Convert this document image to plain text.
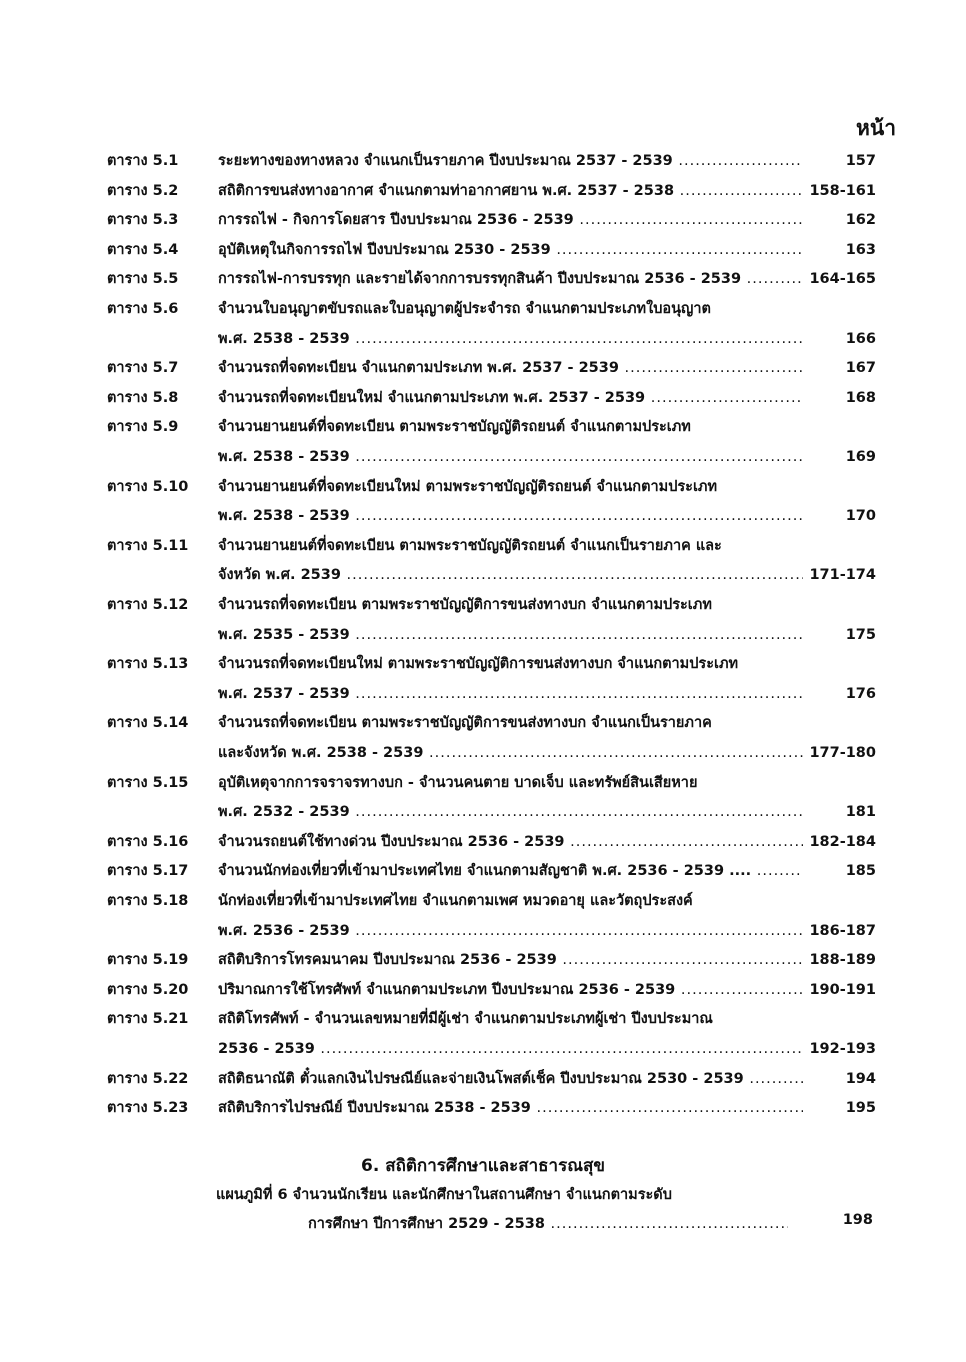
หน้า
ตาราง 5.1	ระยะทางของทางหลวง จำแนกเป็นรายภาค ปีงบประมาณ 2537 - 2539 .....	157
ตาราง 5.2	สถิติการขนส่งทางอากาศ จำแนกตามท่าอากาศยาน พ.ศ. 2537 - 2538 .....	158-161
ตาราง 5.3	การรถไฟ - กิจการโดยสาร ปีงบประมาณ 2536 - 2539 .....	162
ตาราง 5.4	อุบัติเหตุในกิจการรถไฟ ปีงบประมาณ 2530 - 2539 .....	163
ตาราง 5.5	การรถไฟ-การบรรทุก และรายได้จากการบรรทุกสินค้า ปีงบประมาณ 2536 - 2539 .....	164-165
ตาราง 5.6	จำนวนใบอนุญาตขับรถและใบอนุญาตผู้ประจำรถ จำแนกตามประเภทใบอนุญาต
พ.ศ. 2538 - 2539 .....	166
ตาราง 5.7	จำนวนรถที่จดทะเบียน จำแนกตามประเภท พ.ศ. 2537 - 2539 .....	167
ตาราง 5.8	จำนวนรถที่จดทะเบียนใหม่ จำแนกตามประเภท พ.ศ. 2537 - 2539 .....	168
ตาราง 5.9	จำนวนยานยนต์ที่จดทะเบียน ตามพระราชบัญญัติรถยนต์ จำแนกตามประเภท
พ.ศ. 2538 - 2539 .....	169
ตาราง 5.10	จำนวนยานยนต์ที่จดทะเบียนใหม่ ตามพระราชบัญญัติรถยนต์ จำแนกตามประเภท
พ.ศ. 2538 - 2539 .....	170
ตาราง 5.11	จำนวนยานยนต์ที่จดทะเบียน ตามพระราชบัญญัติรถยนต์ จำแนกเป็นรายภาค และ
จังหวัด พ.ศ. 2539 .....	171-174
ตาราง 5.12	จำนวนรถที่จดทะเบียน ตามพระราชบัญญัติการขนส่งทางบก จำแนกตามประเภท
พ.ศ. 2535 - 2539 .....	175
ตาราง 5.13	จำนวนรถที่จดทะเบียนใหม่ ตามพระราชบัญญัติการขนส่งทางบก จำแนกตามประเภท
พ.ศ. 2537 - 2539 .....	176
ตาราง 5.14	จำนวนรถที่จดทะเบียน ตามพระราชบัญญัติการขนส่งทางบก จำแนกเป็นรายภาค
และจังหวัด พ.ศ. 2538 - 2539 .....	177-180
ตาราง 5.15	อุบัติเหตุจากการจราจรทางบก - จำนวนคนตาย บาดเจ็บ และทรัพย์สินเสียหาย
พ.ศ. 2532 - 2539 .....	181
ตาราง 5.16	จำนวนรถยนต์ใช้ทางด่วน ปีงบประมาณ 2536 - 2539 .....	182-184
ตาราง 5.17	จำนวนนักท่องเที่ยวที่เข้ามาประเทศไทย จำแนกตามสัญชาติ พ.ศ. 2536 - 2539 .... .....	185
ตาราง 5.18	นักท่องเที่ยวที่เข้ามาประเทศไทย จำแนกตามเพศ หมวดอายุ และวัตถุประสงค์
พ.ศ. 2536 - 2539 .....	186-187
ตาราง 5.19	สถิติบริการโทรคมนาคม ปีงบประมาณ 2536 - 2539 .....	188-189
ตาราง 5.20	ปริมาณการใช้โทรศัพท์ จำแนกตามประเภท ปีงบประมาณ 2536 - 2539 .....	190-191
ตาราง 5.21	สถิติโทรศัพท์ - จำนวนเลขหมายที่มีผู้เช่า จำแนกตามประเภทผู้เช่า ปีงบประมาณ
2536 - 2539 .....	192-193
ตาราง 5.22	สถิติธนาณัติ ตั๋วแลกเงินไปรษณีย์และจ่ายเงินโพสต์เช็ค ปีงบประมาณ 2530 - 2539 .....	194
ตาราง 5.23	สถิติบริการไปรษณีย์ ปีงบประมาณ 2538 - 2539 .....	195
6. สถิติการศึกษาและสาธารณสุข
แผนภูมิที่ 6 จำนวนนักเรียน และนักศึกษาในสถานศึกษา จำแนกตามระดับ
การศึกษา ปีการศึกษา 2529 - 2538 .....	198
